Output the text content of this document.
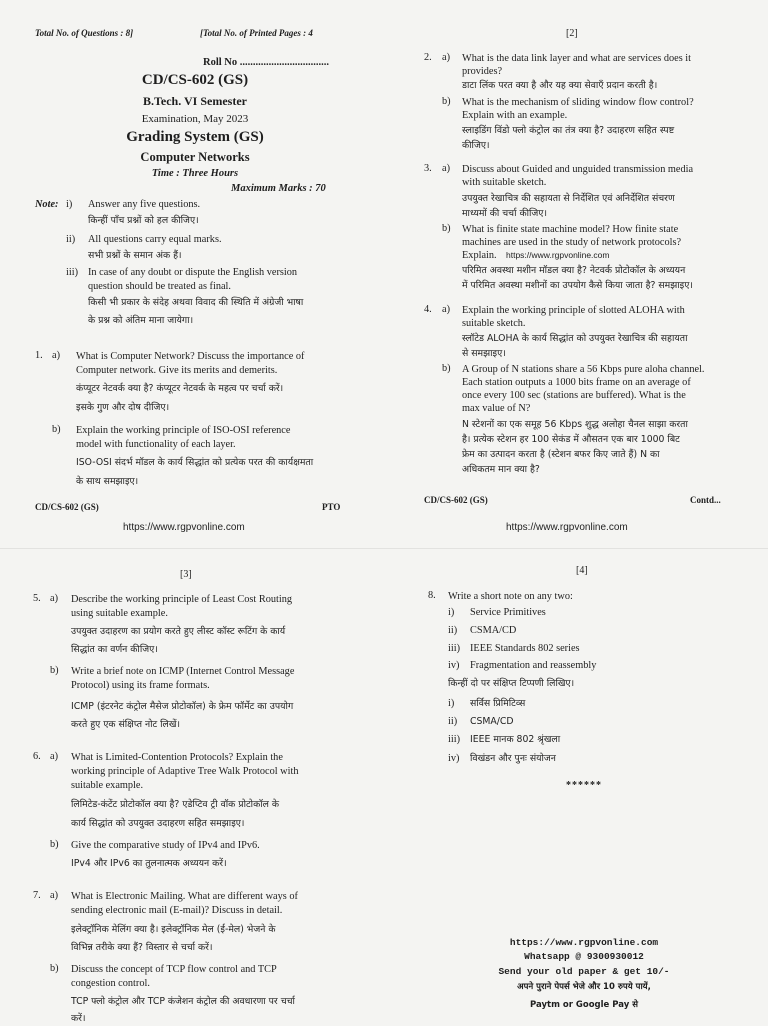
Total No. of Questions : 8]	[Total No. of Printed Pages : 4
Roll No ..................................
CD/CS-602 (GS)
B.Tech. VI Semester
Examination, May 2023
Grading System (GS)
Computer Networks
Time : Three Hours
Maximum Marks : 70
Note: i) Answer any five questions.
किन्हीं पाँच प्रश्नों को हल कीजिए।
ii) All questions carry equal marks.
सभी प्रश्नों के समान अंक हैं।
iii) In case of any doubt or dispute the English version
question should be treated as final.
किसी भी प्रकार के संदेह अथवा विवाद की स्थिति में अंग्रेजी भाषा
के प्रश्न को अंतिम माना जायेगा।
1. a) What is Computer Network? Discuss the importance of
Computer network. Give its merits and demerits.
कंप्यूटर नेटवर्क क्या है? कंप्यूटर नेटवर्क के महत्व पर चर्चा करें।
इसके गुण और दोष दीजिए।
b) Explain the working principle of ISO-OSI reference
model with functionality of each layer.
ISO-OSI संदर्भ मॉडल के कार्य सिद्धांत को प्रत्येक परत की कार्यक्षमता
के साथ समझाइए।
CD/CS-602 (GS)	PTO
https://www.rgpvonline.com
[2]
2. a) What is the data link layer and what are services does it
provides?
डाटा लिंक परत क्या है और यह क्या सेवाएँ प्रदान करती है।
b) What is the mechanism of sliding window flow control?
Explain with an example.
स्लाइडिंग विंडो फ्लो कंट्रोल का तंत्र क्या है? उदाहरण सहित स्पष्ट
कीजिए।
3. a) Discuss about Guided and unguided transmission media
with suitable sketch.
उपयुक्त रेखाचित्र की सहायता से निर्देशित एवं अनिर्देशित संचरण
माध्यमों की चर्चा कीजिए।
b) What is finite state machine model? How finite state
machines are used in the study of network protocols?
Explain. https://www.rgpvonline.com
परिमित अवस्था मशीन मॉडल क्या है? नेटवर्क प्रोटोकॉल के अध्ययन
में परिमित अवस्था मशीनों का उपयोग कैसे किया जाता है? समझाइए।
4. a) Explain the working principle of slotted ALOHA with
suitable sketch.
स्लॉटेड ALOHA के कार्य सिद्धांत को उपयुक्त रेखाचित्र की सहायता
से समझाइए।
b) A Group of N stations share a 56 Kbps pure aloha channel.
Each station outputs a 1000 bits frame on an average of
once every 100 sec (stations are buffered). What is the
max value of N?
N स्टेशनों का एक समूह 56 Kbps शुद्ध अलोहा चैनल साझा करता
है। प्रत्येक स्टेशन हर 100 सेकंड में औसतन एक बार 1000 बिट
फ्रेम का उत्पादन करता है (स्टेशन बफर किए जाते हैं) N का
अधिकतम मान क्या है?
CD/CS-602 (GS)	Contd...
https://www.rgpvonline.com
[3]
5. a) Describe the working principle of Least Cost Routing
using suitable example.
उपयुक्त उदाहरण का प्रयोग करते हुए लीस्ट कॉस्ट रूटिंग के कार्य
सिद्धांत का वर्णन कीजिए।
b) Write a brief note on ICMP (Internet Control Message
Protocol) using its frame formats.
ICMP (इंटरनेट कंट्रोल मैसेज प्रोटोकॉल) के फ्रेम फॉर्मेट का उपयोग
करते हुए एक संक्षिप्त नोट लिखें।
6. a) What is Limited-Contention Protocols? Explain the
working principle of Adaptive Tree Walk Protocol with
suitable example.
लिमिटेड-कंटेंट प्रोटोकॉल क्या है? एडेप्टिव ट्री वॉक प्रोटोकॉल के
कार्य सिद्धांत को उपयुक्त उदाहरण सहित समझाइए।
b) Give the comparative study of IPv4 and IPv6.
IPv4 और IPv6 का तुलनात्मक अध्ययन करें।
7. a) What is Electronic Mailing. What are different ways of
sending electronic mail (E-mail)? Discuss in detail.
इलेक्ट्रॉनिक मेलिंग क्या है। इलेक्ट्रॉनिक मेल (ई-मेल) भेजने के
विभिन्न तरीके क्या हैं? विस्तार से चर्चा करें।
b) Discuss the concept of TCP flow control and TCP
congestion control.
TCP फ्लो कंट्रोल और TCP कंजेशन कंट्रोल की अवधारणा पर चर्चा
करें।
[4]
8. Write a short note on any two:
i) Service Primitives
ii) CSMA/CD
iii) IEEE Standards 802 series
iv) Fragmentation and reassembly
किन्हीं दो पर संक्षिप्त टिप्पणी लिखिए।
i) सर्विस प्रिमिटिव्स
ii) CSMA/CD
iii) IEEE मानक 802 श्रृंखला
iv) विखंडन और पुनः संयोजन
******
https://www.rgpvonline.com
Whatsapp @ 9300930012
Send your old paper & get 10/-
अपने पुराने पेपर्स भेजे और 10 रुपये पायें,
Paytm or Google Pay से
